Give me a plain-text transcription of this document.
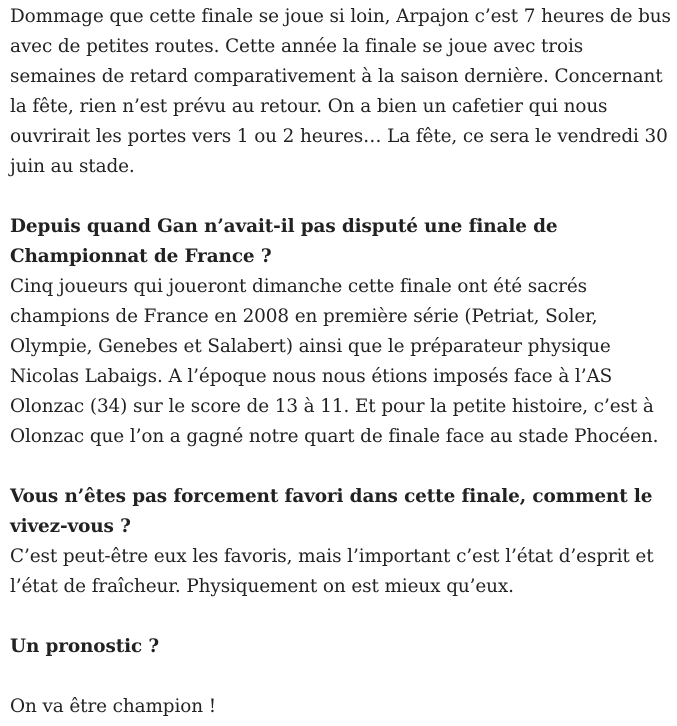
Dommage que cette finale se joue si loin, Arpajon c’est 7 heures de bus avec de petites routes. Cette année la finale se joue avec trois semaines de retard comparativement à la saison dernière. Concernant la fête, rien n’est prévu au retour. On a bien un cafetier qui nous ouvrirait les portes vers 1 ou 2 heures… La fête, ce sera le vendredi 30 juin au stade.

Depuis quand Gan n’avait-il pas disputé une finale de Championnat de France ?
Cinq joueurs qui joueront dimanche cette finale ont été sacrés champions de France en 2008 en première série (Petriat, Soler, Olympie, Genebes et Salabert) ainsi que le préparateur physique Nicolas Labaigs. A l’époque nous nous étions imposés face à l’AS Olonzac (34) sur le score de 13 à 11. Et pour la petite histoire, c’est à Olonzac que l’on a gagné notre quart de finale face au stade Phocéen.

Vous n’êtes pas forcement favori dans cette finale, comment le vivez-vous ?
C’est peut-être eux les favoris, mais l’important c’est l’état d’esprit et l’état de fraîcheur. Physiquement on est mieux qu’eux.

Un pronostic ?

On va être champion !
